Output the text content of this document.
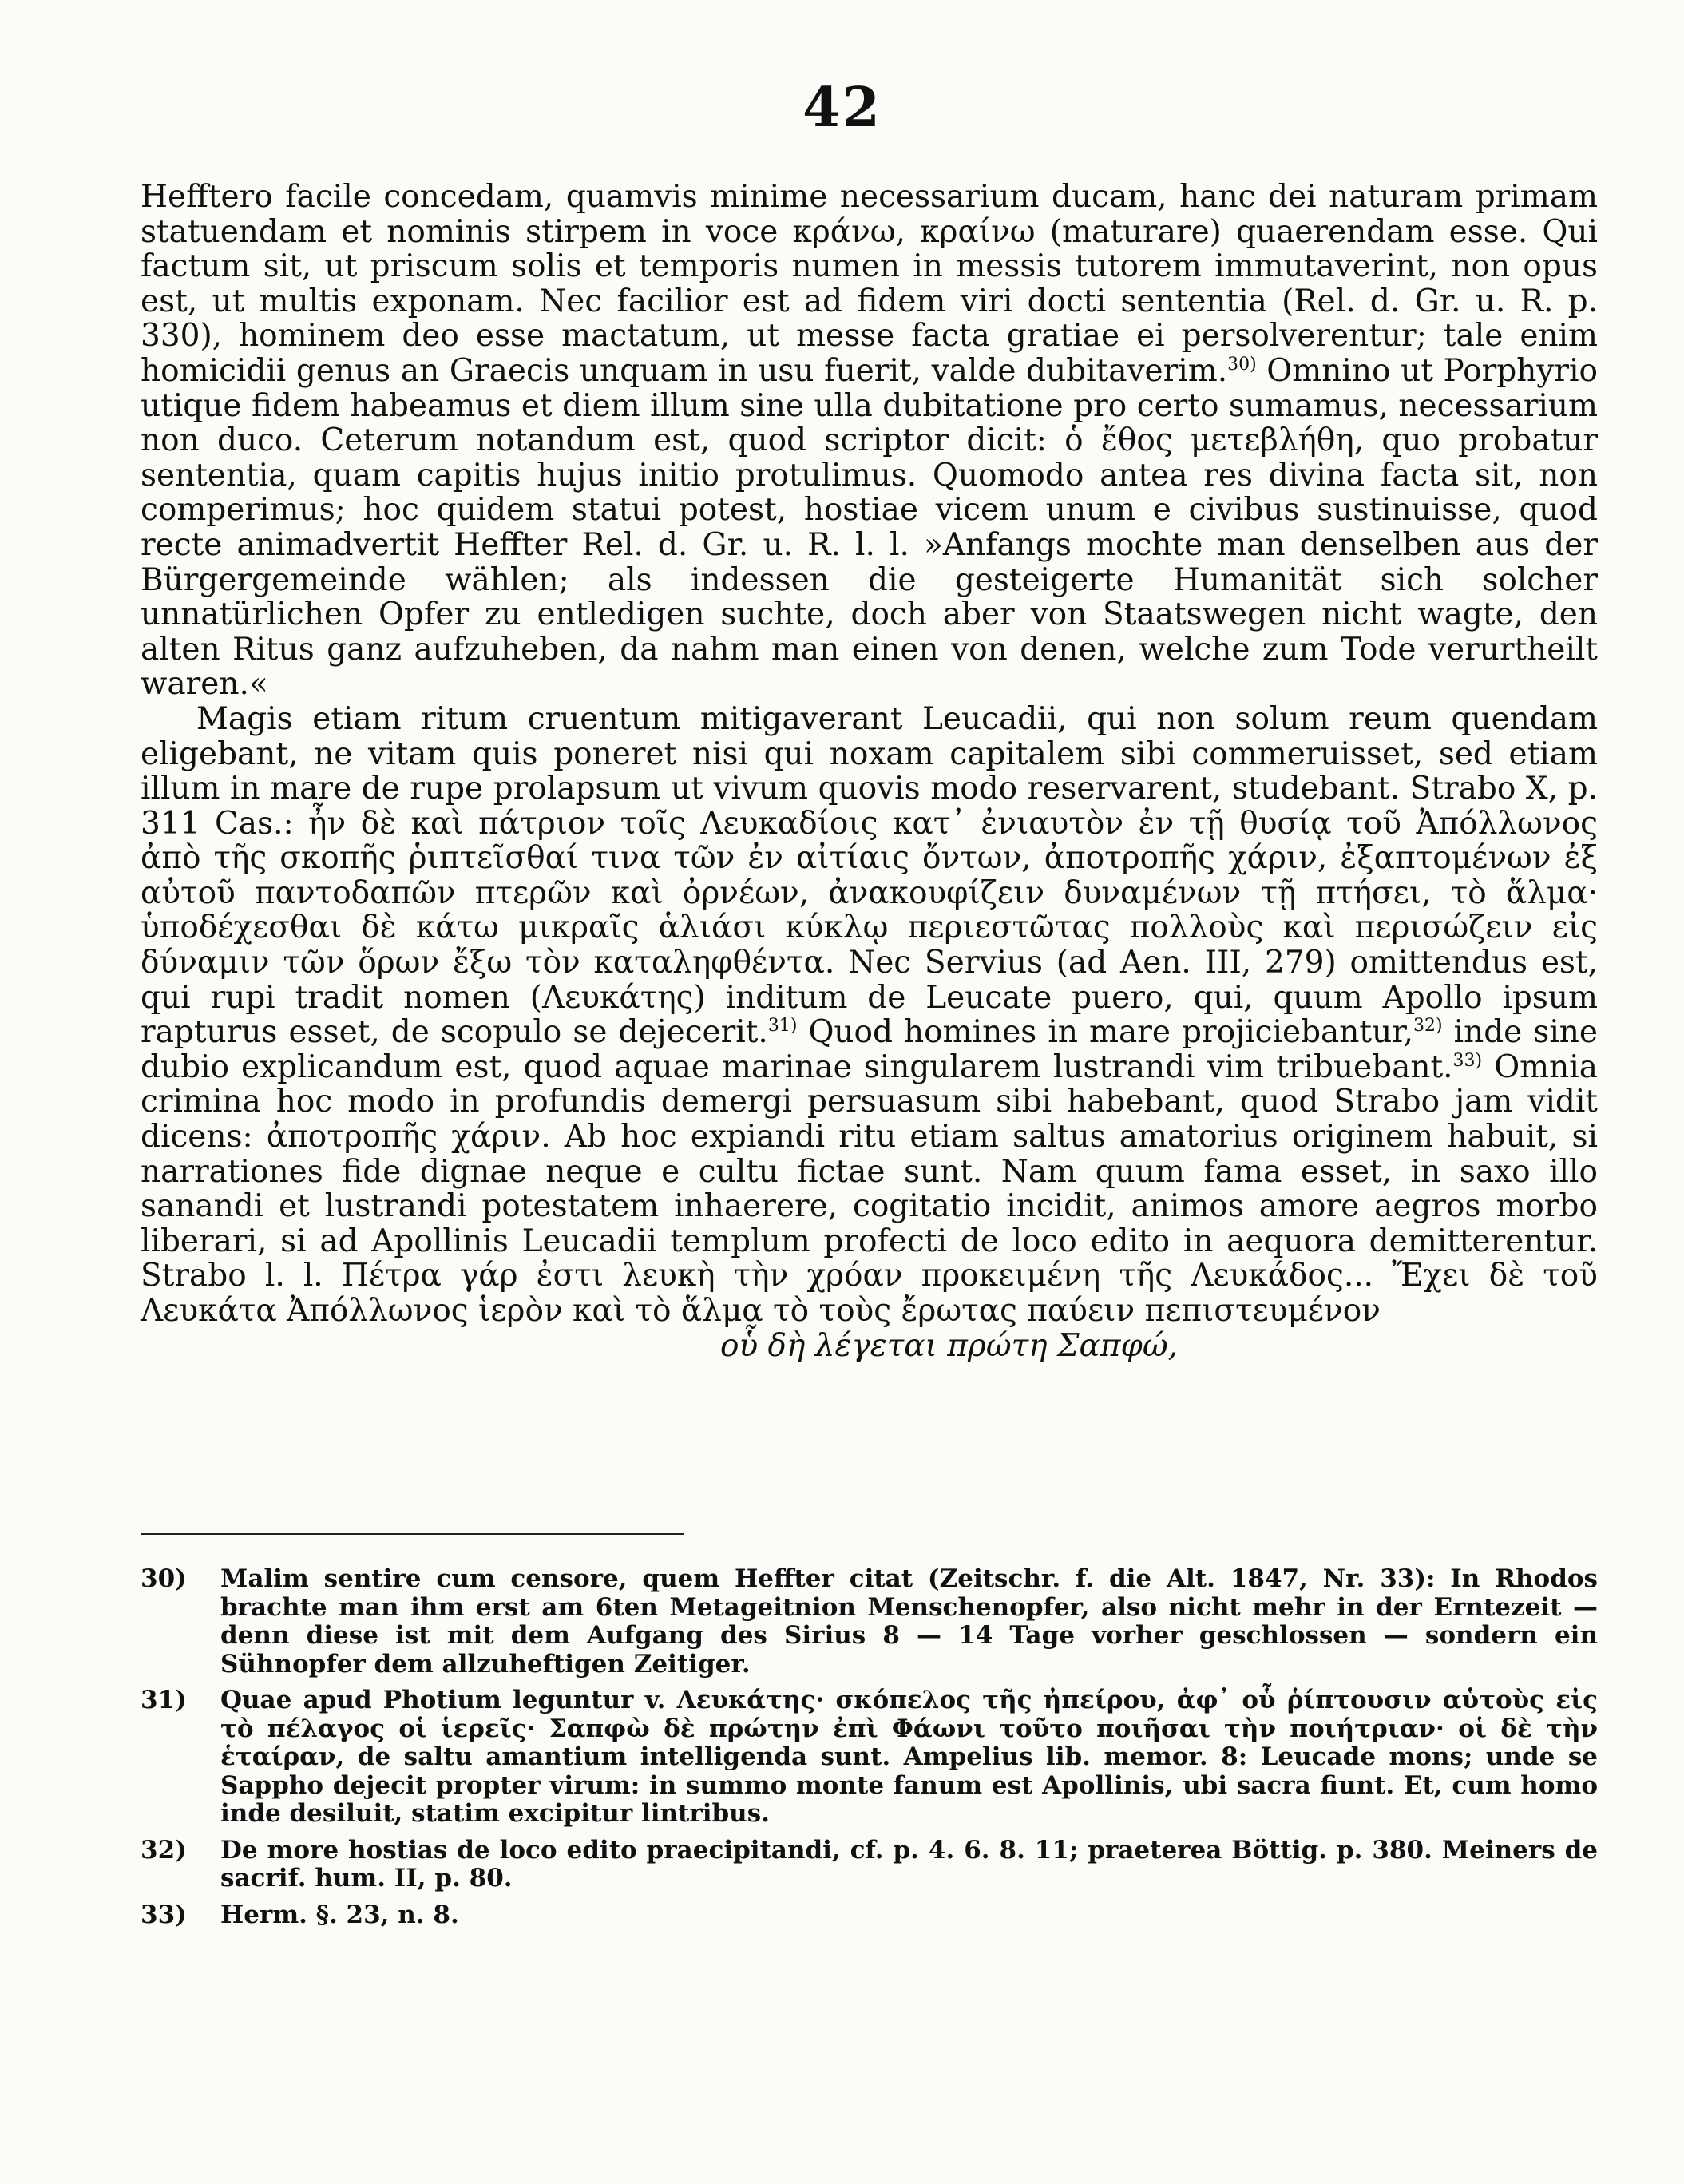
42

Hefftero facile concedam, quamvis minime necessarium ducam, hanc dei naturam primam statuendam et nominis stirpem in voce κράνω, κραίνω (maturare) quaerendam esse. Qui factum sit, ut priscum solis et temporis numen in messis tutorem immutaverint, non opus est, ut multis exponam. Nec facilior est ad fidem viri docti sententia (Rel. d. Gr. u. R. p. 330), hominem deo esse mactatum, ut messe facta gratiae ei persolverentur; tale enim homicidii genus an Graecis unquam in usu fuerit, valde dubitaverim.$^{30)}$ Omnino ut Porphyrio utique fidem habeamus et diem illum sine ulla dubitatione pro certo sumamus, necessarium non duco. Ceterum notandum est, quod scriptor dicit: ὁ ἔθος μετεβλήθη, quo probatur sententia, quam capitis hujus initio protulimus. Quomodo antea res divina facta sit, non comperimus; hoc quidem statui potest, hostiae vicem unum e civibus sustinuisse, quod recte animadvertit Heffter Rel. d. Gr. u. R. l. l. »Anfangs mochte man denselben aus der Bürgergemeinde wählen; als indessen die gesteigerte Humanität sich solcher unnatürlichen Opfer zu entledigen suchte, doch aber von Staatswegen nicht wagte, den alten Ritus ganz aufzuheben, da nahm man einen von denen, welche zum Tode verurtheilt waren.«

Magis etiam ritum cruentum mitigaverant Leucadii, qui non solum reum quendam eligebant, ne vitam quis poneret nisi qui noxam capitalem sibi commeruisset, sed etiam illum in mare de rupe prolapsum ut vivum quovis modo reservarent, studebant. Strabo X, p. 311 Cas.: ἦν δὲ καὶ πάτριον τοῖς Λευκαδίοις κατ᾽ ἐνιαυτὸν ἐν τῇ θυσίᾳ τοῦ Ἀπόλλωνος ἀπὸ τῆς σκοπῆς ῥιπτεῖσθαί τινα τῶν ἐν αἰτίαις ὄντων, ἀποτροπῆς χάριν, ἐξαπτομένων ἐξ αὐτοῦ παντοδαπῶν πτερῶν καὶ ὀρνέων, ἀνακουφίζειν δυναμένων τῇ πτήσει, τὸ ἅλμα· ὑποδέχεσθαι δὲ κάτω μικραῖς ἁλιάσι κύκλῳ περιεστῶτας πολλοὺς καὶ περισώζειν εἰς δύναμιν τῶν ὅρων ἔξω τὸν καταληφθέντα. Nec Servius (ad Aen. III, 279) omittendus est, qui rupi tradit nomen (Λευκάτης) inditum de Leucate puero, qui, quum Apollo ipsum rapturus esset, de scopulo se dejecerit.$^{31)}$ Quod homines in mare projiciebantur,$^{32)}$ inde sine dubio explicandum est, quod aquae marinae singularem lustrandi vim tribuebant.$^{33)}$ Omnia crimina hoc modo in profundis demergi persuasum sibi habebant, quod Strabo jam vidit dicens: ἀποτροπῆς χάριν. Ab hoc expiandi ritu etiam saltus amatorius originem habuit, si narrationes fide dignae neque e cultu fictae sunt. Nam quum fama esset, in saxo illo sanandi et lustrandi potestatem inhaerere, cogitatio incidit, animos amore aegros morbo liberari, si ad Apollinis Leucadii templum profecti de loco edito in aequora demitterentur. Strabo l. l. Πέτρα γάρ ἐστι λευκὴ τὴν χρόαν προκειμένη τῆς Λευκάδος... Ἔχει δὲ τοῦ Λευκάτα Ἀπόλλωνος ἱερὸν καὶ τὸ ἅλμα τὸ τοὺς ἔρωτας παύειν πεπιστευμένον

οὗ δὴ λέγεται πρώτη Σαπφώ,

30)	Malim sentire cum censore, quem Heffter citat (Zeitschr. f. die Alt. 1847, Nr. 33): In Rhodos brachte man ihm erst am 6ten Metageitnion Menschenopfer, also nicht mehr in der Erntezeit — denn diese ist mit dem Aufgang des Sirius 8 — 14 Tage vorher geschlossen — sondern ein Sühnopfer dem allzuheftigen Zeitiger.
31)	Quae apud Photium leguntur v. Λευκάτης· σκόπελος τῆς ἠπείρου, ἀφ᾽ οὗ ῥίπτουσιν αὑτοὺς εἰς τὸ πέλαγος οἱ ἱερεῖς· Σαπφὼ δὲ πρώτην ἐπὶ Φάωνι τοῦτο ποιῆσαι τὴν ποιήτριαν· οἱ δὲ τὴν ἑταίραν, de saltu amantium intelligenda sunt. Ampelius lib. memor. 8: Leucade mons; unde se Sappho dejecit propter virum: in summo monte fanum est Apollinis, ubi sacra fiunt. Et, cum homo inde desiluit, statim excipitur lintribus.
32)	De more hostias de loco edito praecipitandi, cf. p. 4. 6. 8. 11; praeterea Böttig. p. 380. Meiners de sacrif. hum. II, p. 80.
33)	Herm. §. 23, n. 8.
